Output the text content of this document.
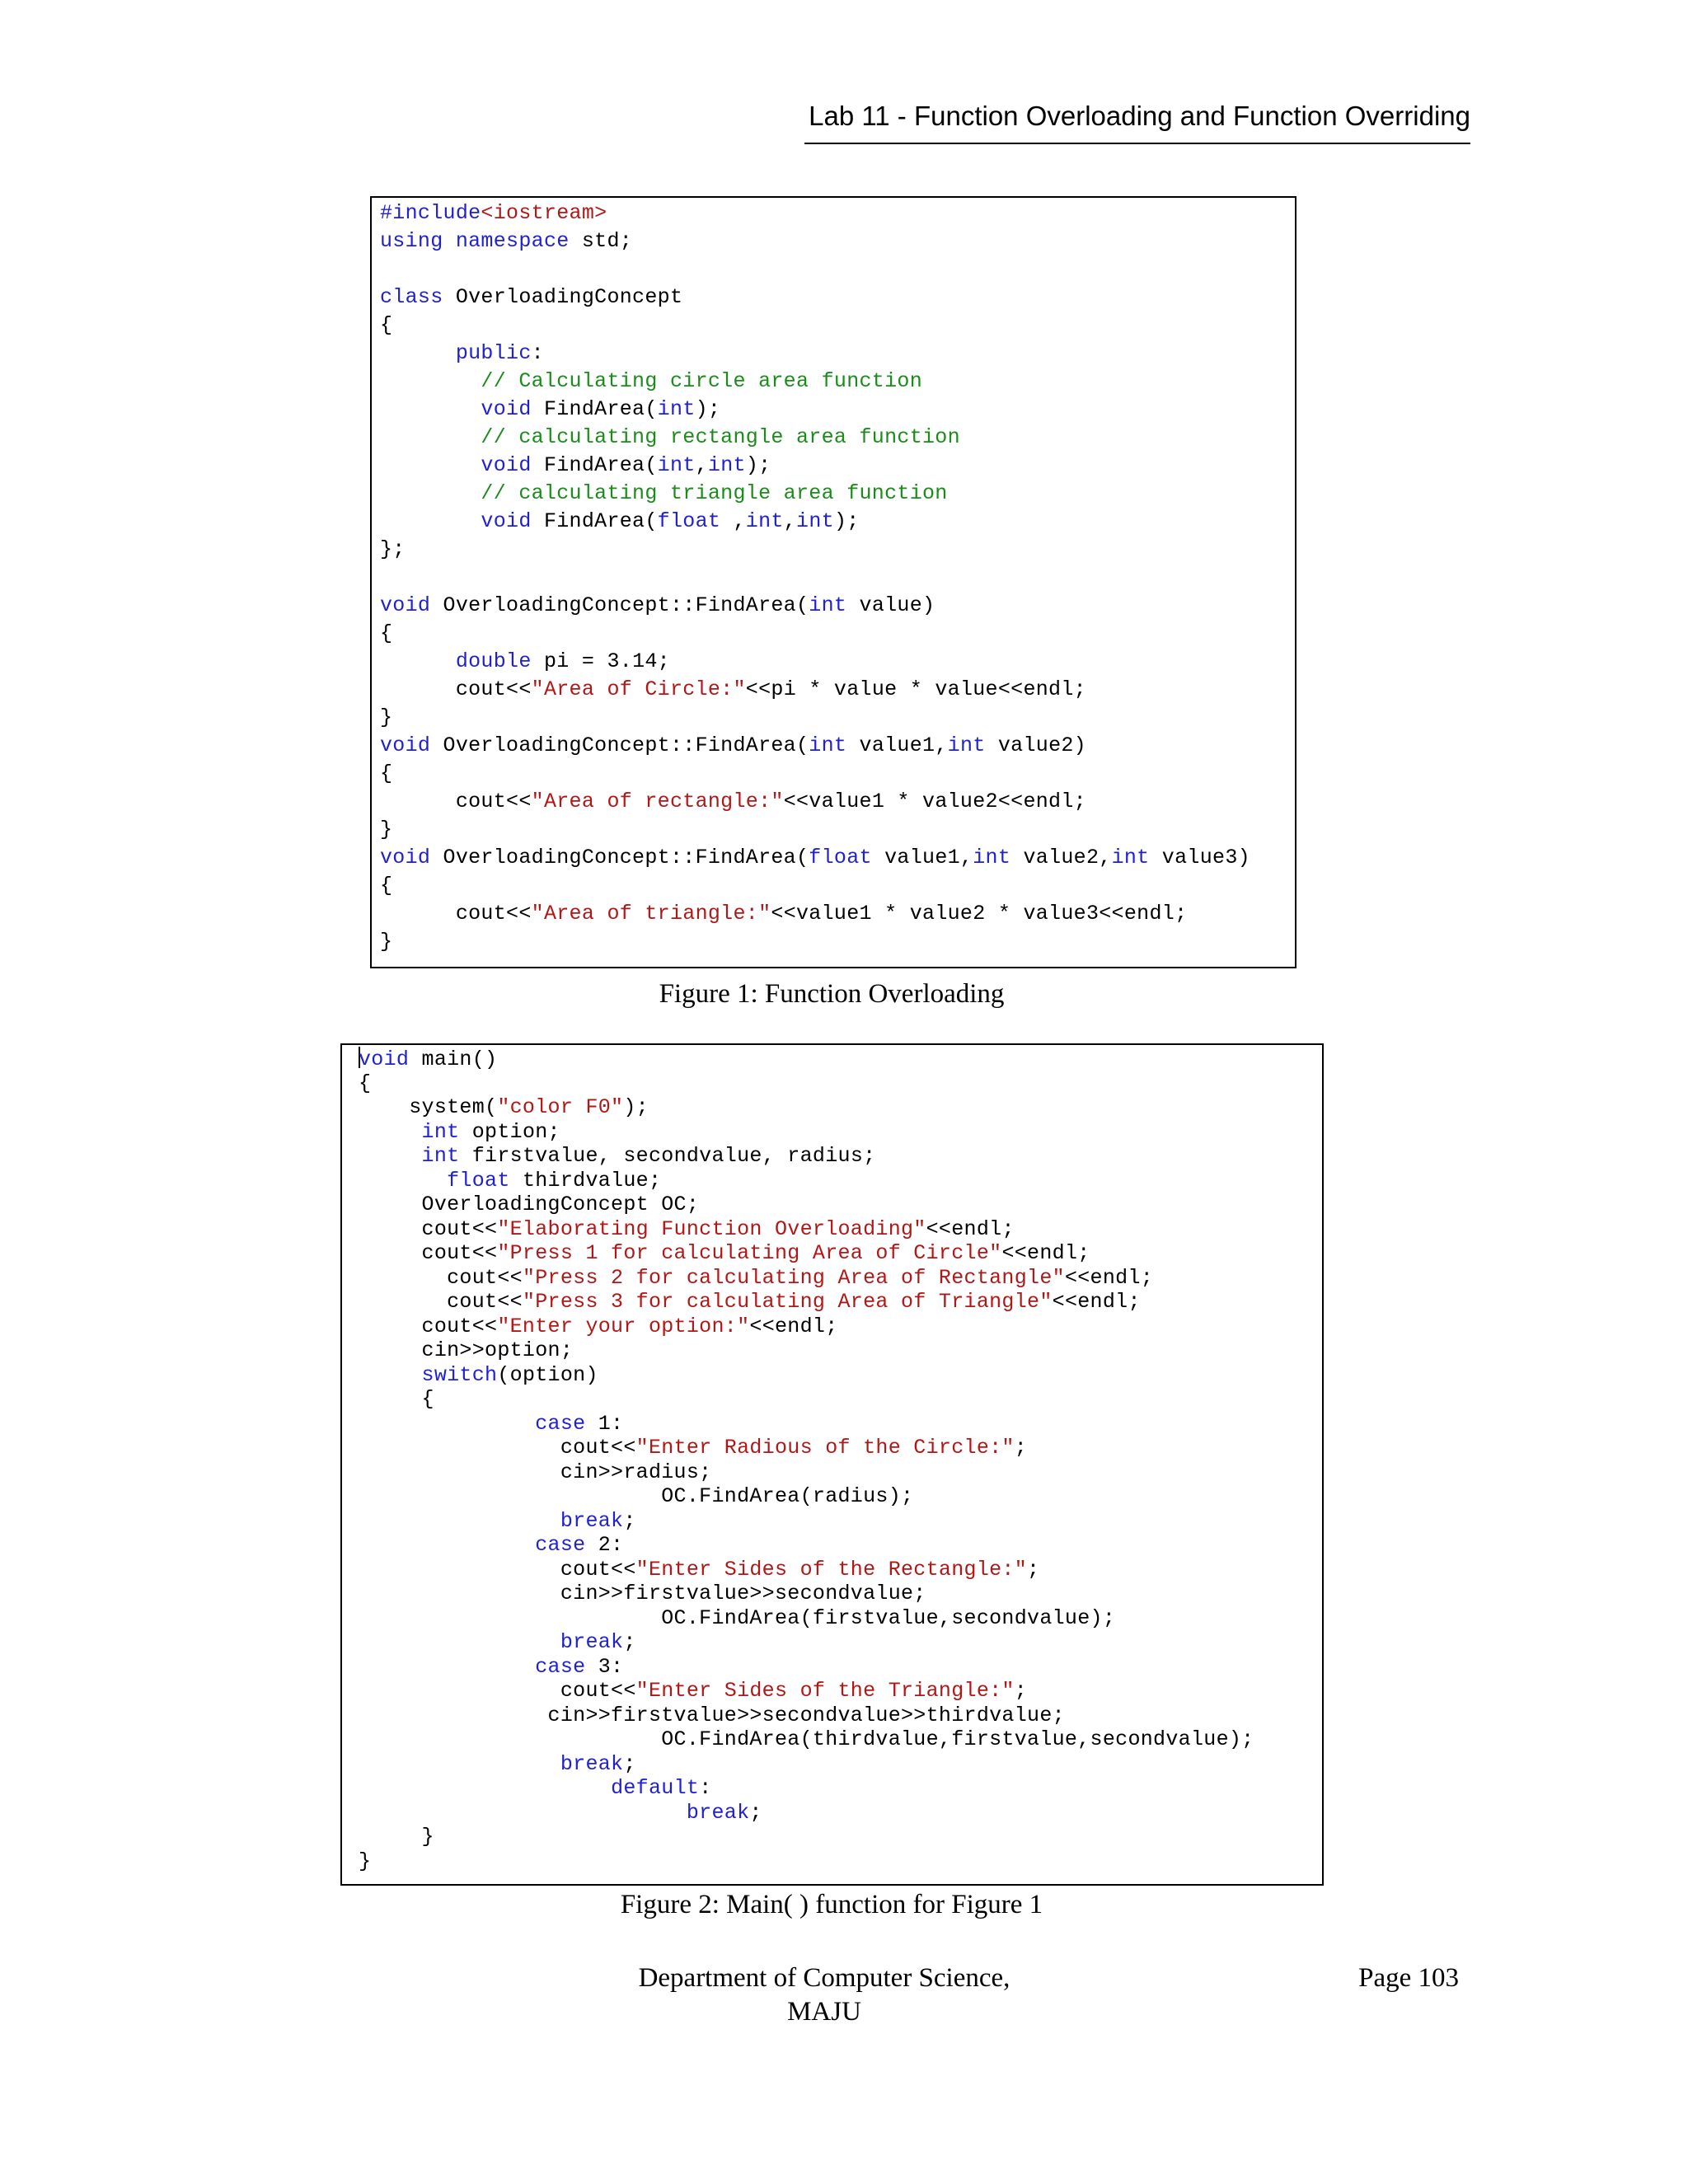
Lab 11 - Function Overloading and Function Overriding
#include<iostream>
using namespace std;
class OverloadingConcept
{
public:
// Calculating circle area function
void FindArea(int);
// calculating rectangle area function
void FindArea(int,int);
// calculating triangle area function
void FindArea(float ,int,int);
};
void OverloadingConcept::FindArea(int value)
{
double pi = 3.14;
cout<<"Area of Circle:"<<pi * value * value<<endl;
}
void OverloadingConcept::FindArea(int value1,int value2)
{
cout<<"Area of rectangle:"<<value1 * value2<<endl;
}
void OverloadingConcept::FindArea(float value1,int value2,int value3)
{
cout<<"Area of triangle:"<<value1 * value2 * value3<<endl;
}
Figure 1: Function Overloading
void main()
{
system("color F0");
int option;
int firstvalue, secondvalue, radius;
float thirdvalue;
OverloadingConcept OC;
cout<<"Elaborating Function Overloading"<<endl;
cout<<"Press 1 for calculating Area of Circle"<<endl;
cout<<"Press 2 for calculating Area of Rectangle"<<endl;
cout<<"Press 3 for calculating Area of Triangle"<<endl;
cout<<"Enter your option:"<<endl;
cin>>option;
switch(option)
{
case 1:
cout<<"Enter Radious of the Circle:";
cin>>radius;
OC.FindArea(radius);
break;
case 2:
cout<<"Enter Sides of the Rectangle:";
cin>>firstvalue>>secondvalue;
OC.FindArea(firstvalue,secondvalue);
break;
case 3:
cout<<"Enter Sides of the Triangle:";
cin>>firstvalue>>secondvalue>>thirdvalue;
OC.FindArea(thirdvalue,firstvalue,secondvalue);
break;
default:
break;
}
}
Figure 2: Main( ) function for Figure 1
Department of Computer Science,
MAJU
Page 103
